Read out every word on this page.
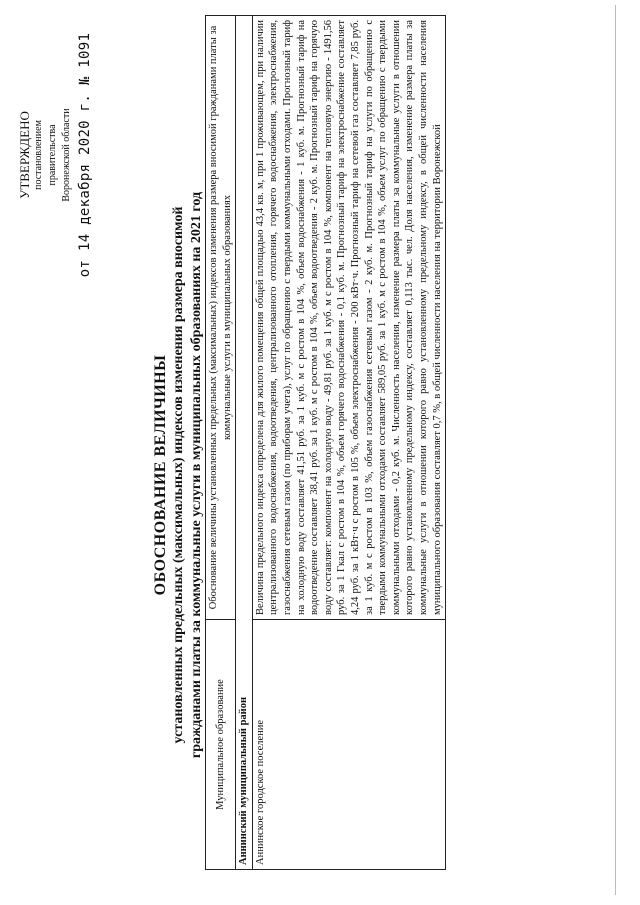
УТВЕРЖДЕНО постановлением правительства Воронежской области от 14 декабря 2020 г. № 1091
ОБОСНОВАНИЕ ВЕЛИЧИНЫ установленных предельных (максимальных) индексов изменения размера вносимой гражданами платы за коммунальные услуги в муниципальных образованиях на 2021 год Муниципальное образование	Обоснование величины установленных предельных (максимальных) индексов изменения размера вносимой гражданами платы за коммунальные услуги в муниципальных образованиях
Аннинский муниципальный район	
Аннинское городское поселение	Величина предельного индекса определена для жилого помещения общей площадью 43,4 кв. м, при 1 проживающем, при наличии централизованного водоснабжения, водоотведения, централизованного отопления, горячего водоснабжения, электроснабжения, газоснабжения сетевым газом (по приборам учета), услуг по обращению с твердыми коммунальными отходами. Прогнозный тариф на холодную воду составляет 41,51 руб. за 1 куб. м с ростом в 104 %, объем водоснабжения - 1 куб. м. Прогнозный тариф на водоотведение составляет 38,41 руб. за 1 куб. м с ростом в 104 %, объем водоотведения - 2 куб. м. Прогнозный тариф на горячую воду составляет: компонент на холодную воду - 49,81 руб. за 1 куб. м с ростом в 104 %, компонент на тепловую энергию - 1491,56 руб. за 1 Гкал с ростом в 104 %, объем горячего водоснабжения - 0,1 куб. м. Прогнозный тариф на электроснабжение составляет 4,24 руб. за 1 кВт·ч с ростом в 105 %, объем электроснабжения - 200 кВт·ч. Прогнозный тариф на сетевой газ составляет 7,85 руб. за 1 куб. м с ростом в 103 %, объем газоснабжения сетевым газом - 2 куб. м. Прогнозный тариф на услуги по обращению с твердыми коммунальными отходами составляет 589,05 руб. за 1 куб. м с ростом в 104 %, объем услуг по обращению с твердыми коммунальными отходами - 0,2 куб. м. Численность населения, изменение размера платы за коммунальные услуги в отношении которого равно установленному предельному индексу, составляет 0,113 тыс. чел. Доля населения, изменение размера платы за коммунальные услуги в отношении которого равно установленному предельному индексу, в общей численности населения муниципального образования составляет 0,7 %, в общей численности населения на территории Воронежской
